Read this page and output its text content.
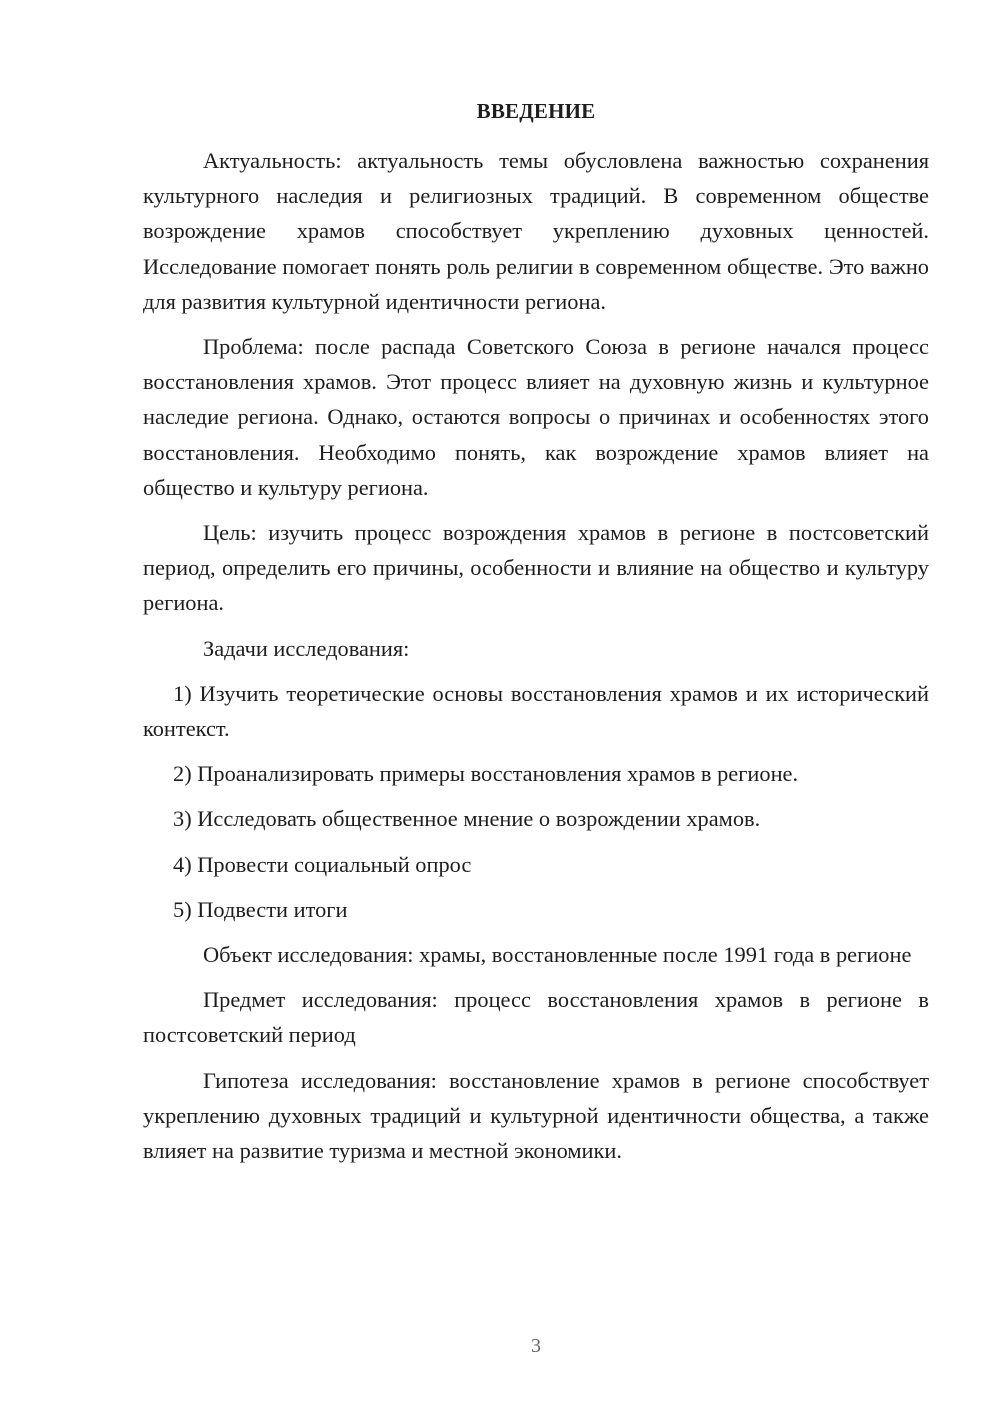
ВВЕДЕНИЕ

Актуальность: актуальность темы обусловлена важностью сохранения культурного наследия и религиозных традиций. В современном обществе возрождение храмов способствует укреплению духовных ценностей. Исследование помогает понять роль религии в современном обществе. Это важно для развития культурной идентичности региона.

Проблема: после распада Советского Союза в регионе начался процесс восстановления храмов. Этот процесс влияет на духовную жизнь и культурное наследие региона. Однако, остаются вопросы о причинах и особенностях этого восстановления. Необходимо понять, как возрождение храмов влияет на общество и культуру региона.

Цель: изучить процесс возрождения храмов в регионе в постсоветский период, определить его причины, особенности и влияние на общество и культуру региона.

Задачи исследования:

1) Изучить теоретические основы восстановления храмов и их исторический контекст.

2) Проанализировать примеры восстановления храмов в регионе.

3) Исследовать общественное мнение о возрождении храмов.

4) Провести социальный опрос

5) Подвести итоги

Объект исследования: храмы, восстановленные после 1991 года в регионе

Предмет исследования: процесс восстановления храмов в регионе в постсоветский период

Гипотеза исследования: восстановление храмов в регионе способствует укреплению духовных традиций и культурной идентичности общества, а также влияет на развитие туризма и местной экономики.

3
